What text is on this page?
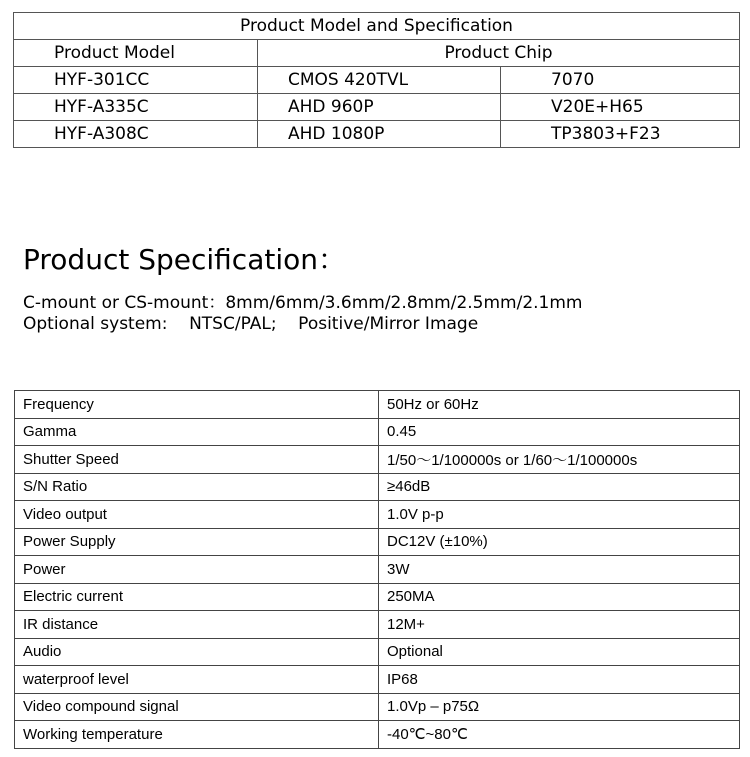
Product Model and Specification		
Product Model	Product Chip	
HYF-301CC	CMOS 420TVL	7070
HYF-A335C	AHD 960P	V20E+H65
HYF-A308C	AHD 1080P	TP3803+F23
Product Specification：

C-mount or CS-mount：8mm/6mm/3.6mm/2.8mm/2.5mm/2.1mm

Optional system:    NTSC/PAL;    Positive/Mirror Image

Frequency	50Hz or 60Hz
Gamma	0.45
Shutter Speed	1/50～1/100000s or 1/60～1/100000s
S/N Ratio	≥46dB
Video output	1.0V p-p
Power Supply	DC12V (±10%)
Power	3W
Electric current	250MA
IR distance	12M+
Audio	Optional
waterproof level	IP68
Video compound signal	1.0Vp – p75Ω
Working temperature	-40℃~80℃
